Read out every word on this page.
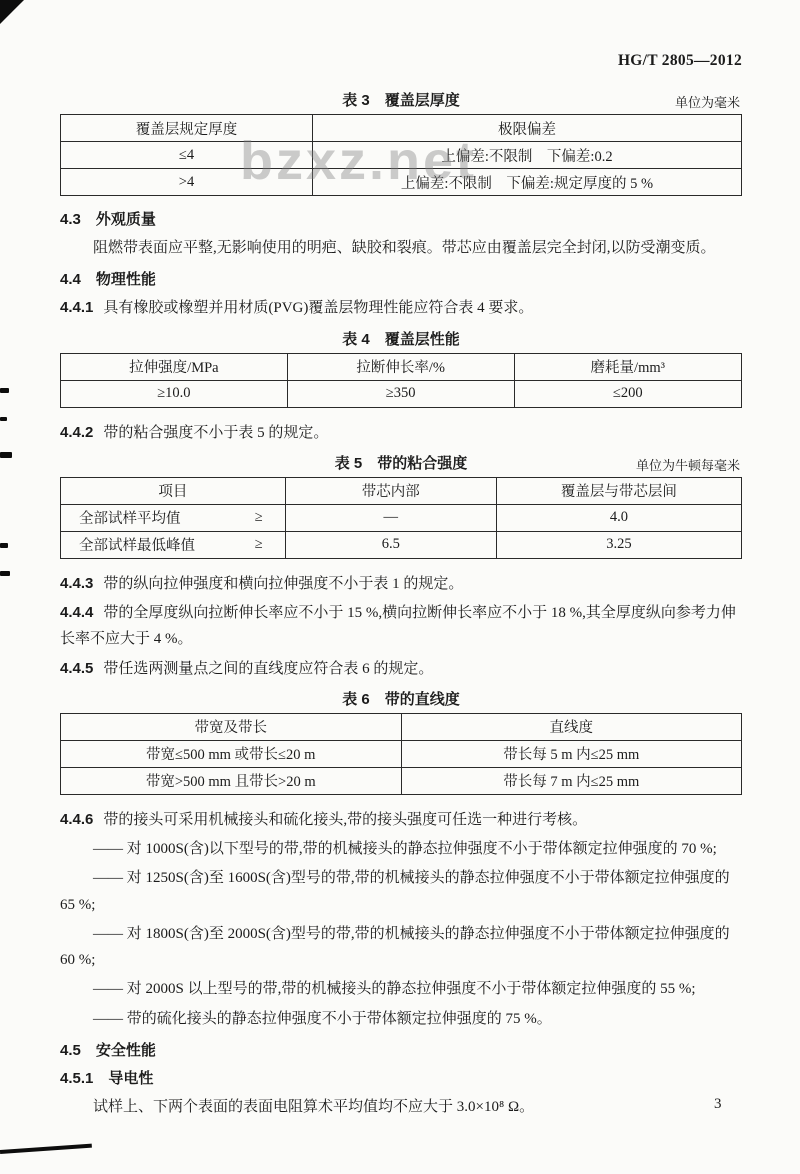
HG/T 2805—2012
bzxz.net
表 3　覆盖层厚度	单位为毫米
覆盖层规定厚度	极限偏差
≤4	上偏差:不限制　下偏差:0.2
>4	上偏差:不限制　下偏差:规定厚度的 5 %
4.3　外观质量

阻燃带表面应平整,无影响使用的明疤、缺胶和裂痕。带芯应由覆盖层完全封闭,以防受潮变质。

4.4　物理性能

4.4.1 具有橡胶或橡塑并用材质(PVG)覆盖层物理性能应符合表 4 要求。

表 4　覆盖层性能
拉伸强度/MPa	拉断伸长率/%	磨耗量/mm³
≥10.0	≥350	≤200

4.4.2 带的粘合强度不小于表 5 的规定。

表 5　带的粘合强度	单位为牛顿每毫米
项目	带芯内部	覆盖层与带芯层间

全部试样平均值 ≥	—	4.0

全部试样最低峰值 ≥	6.5	3.25

4.4.3 带的纵向拉伸强度和横向拉伸强度不小于表 1 的规定。

4.4.4 带的全厚度纵向拉断伸长率应不小于 15 %,横向拉断伸长率应不小于 18 %,其全厚度纵向参考力伸长率不应大于 4 %。

4.4.5 带任选两测量点之间的直线度应符合表 6 的规定。

表 6　带的直线度
带宽及带长	直线度
带宽≤500 mm 或带长≤20 m	带长每 5 m 内≤25 mm
带宽>500 mm 且带长>20 m	带长每 7 m 内≤25 mm

4.4.6 带的接头可采用机械接头和硫化接头,带的接头强度可任选一种进行考核。

—— 对 1000S(含)以下型号的带,带的机械接头的静态拉伸强度不小于带体额定拉伸强度的 70 %;

—— 对 1250S(含)至 1600S(含)型号的带,带的机械接头的静态拉伸强度不小于带体额定拉伸强度的 65 %;

—— 对 1800S(含)至 2000S(含)型号的带,带的机械接头的静态拉伸强度不小于带体额定拉伸强度的 60 %;

—— 对 2000S 以上型号的带,带的机械接头的静态拉伸强度不小于带体额定拉伸强度的 55 %;

—— 带的硫化接头的静态拉伸强度不小于带体额定拉伸强度的 75 %。

4.5　安全性能
4.5.1　导电性

试样上、下两个表面的表面电阻算术平均值均不应大于 3.0×10⁸ Ω。	3
